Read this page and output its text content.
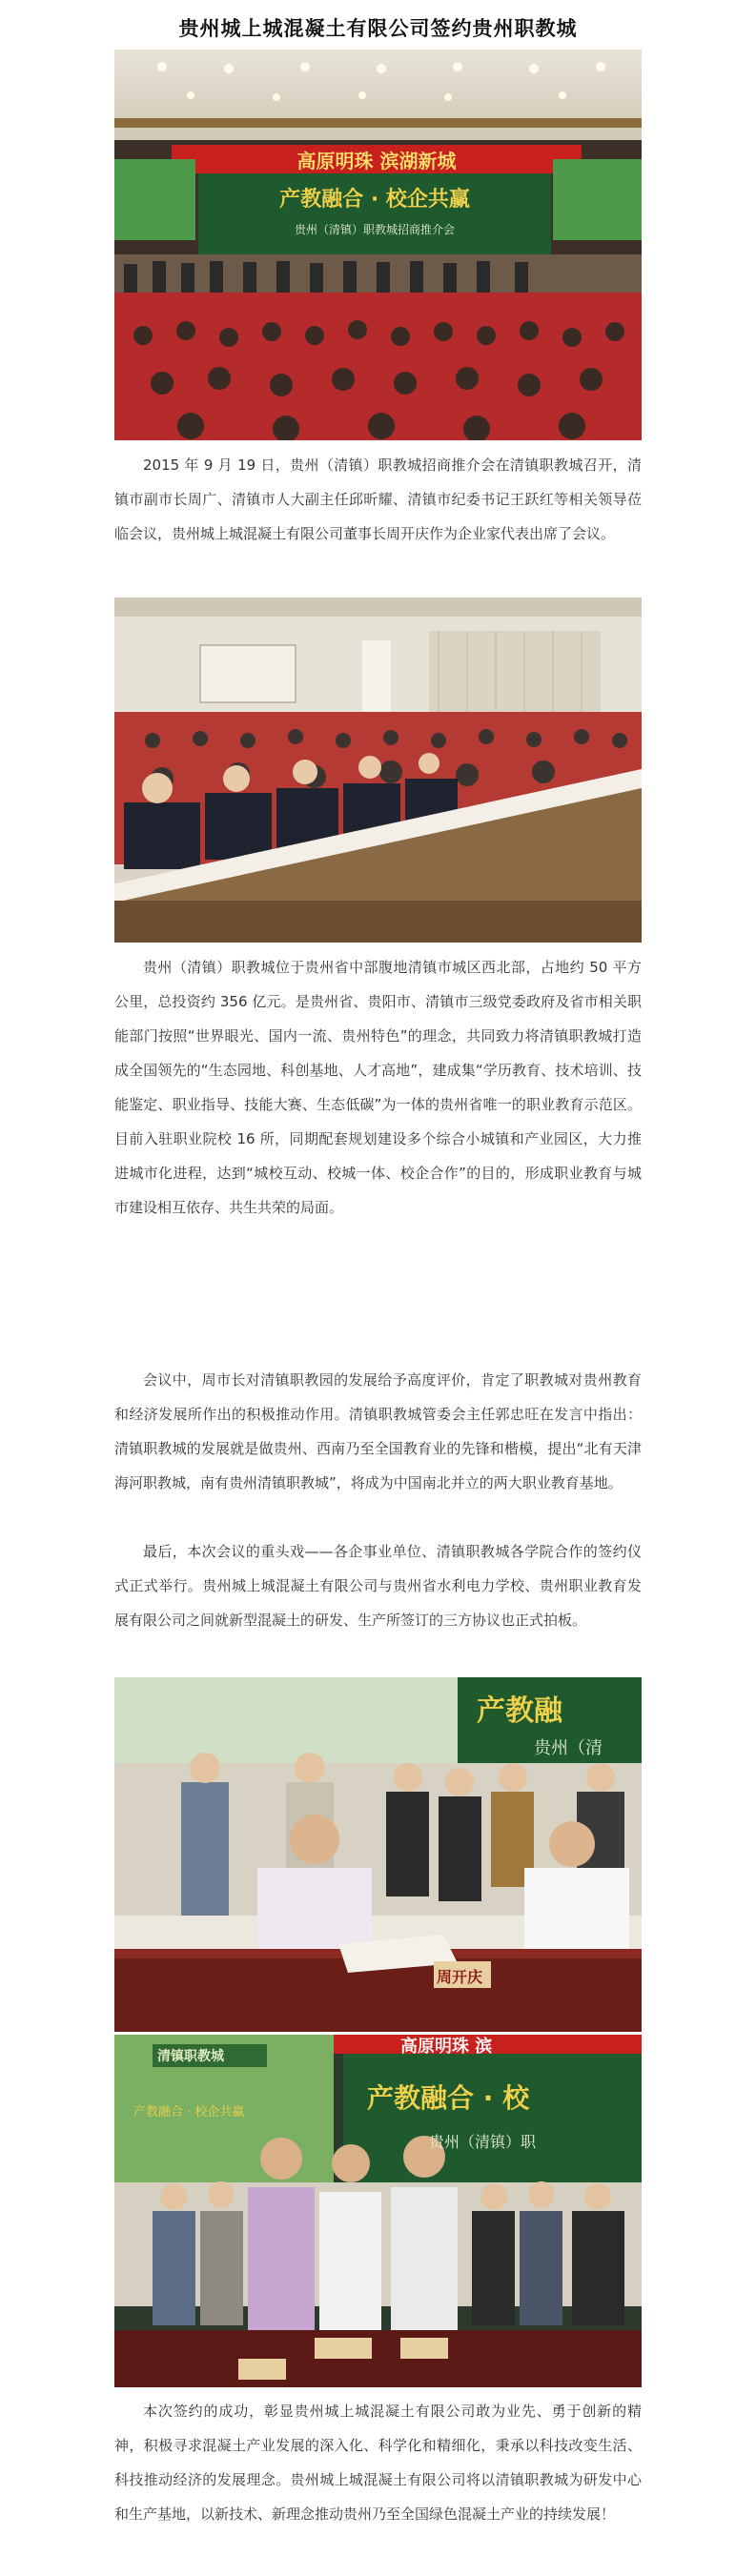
贵州城上城混凝土有限公司签约贵州职教城
高原明珠 滨湖新城
产教融合 · 校企共赢
贵州（清镇）职教城招商推介会

2015 年 9 月 19 日，贵州（清镇）职教城招商推介会在清镇职教城召开，清镇市副市长周广、清镇市人大副主任邱昕耀、清镇市纪委书记王跃红等相关领导莅临会议，贵州城上城混凝土有限公司董事长周开庆作为企业家代表出席了会议。

贵州（清镇）职教城位于贵州省中部腹地清镇市城区西北部，占地约 50 平方公里，总投资约 356 亿元。是贵州省、贵阳市、清镇市三级党委政府及省市相关职能部门按照“世界眼光、国内一流、贵州特色”的理念，共同致力将清镇职教城打造成全国领先的“生态园地、科创基地、人才高地”，建成集“学历教育、技术培训、技能鉴定、职业指导、技能大赛、生态低碳”为一体的贵州省唯一的职业教育示范区。目前入驻职业院校 16 所，同期配套规划建设多个综合小城镇和产业园区，大力推进城市化进程，达到“城校互动、校城一体、校企合作”的目的，形成职业教育与城市建设相互依存、共生共荣的局面。

会议中，周市长对清镇职教园的发展给予高度评价，肯定了职教城对贵州教育和经济发展所作出的积极推动作用。清镇职教城管委会主任郭忠旺在发言中指出：清镇职教城的发展就是做贵州、西南乃至全国教育业的先锋和楷模，提出“北有天津海河职教城，南有贵州清镇职教城”，将成为中国南北并立的两大职业教育基地。

最后，本次会议的重头戏——各企事业单位、清镇职教城各学院合作的签约仪式正式举行。贵州城上城混凝土有限公司与贵州省水利电力学校、贵州职业教育发展有限公司之间就新型混凝土的研发、生产所签订的三方协议也正式拍板。

产教融
贵州（清
周开庆
高原明珠 滨
清镇职教城
产教融合 · 校企共赢	产教融合 · 校
贵州（清镇）职

本次签约的成功，彰显贵州城上城混凝土有限公司敢为业先、勇于创新的精神，积极寻求混凝土产业发展的深入化、科学化和精细化，秉承以科技改变生活、科技推动经济的发展理念。贵州城上城混凝土有限公司将以清镇职教城为研发中心和生产基地，以新技术、新理念推动贵州乃至全国绿色混凝土产业的持续发展！
